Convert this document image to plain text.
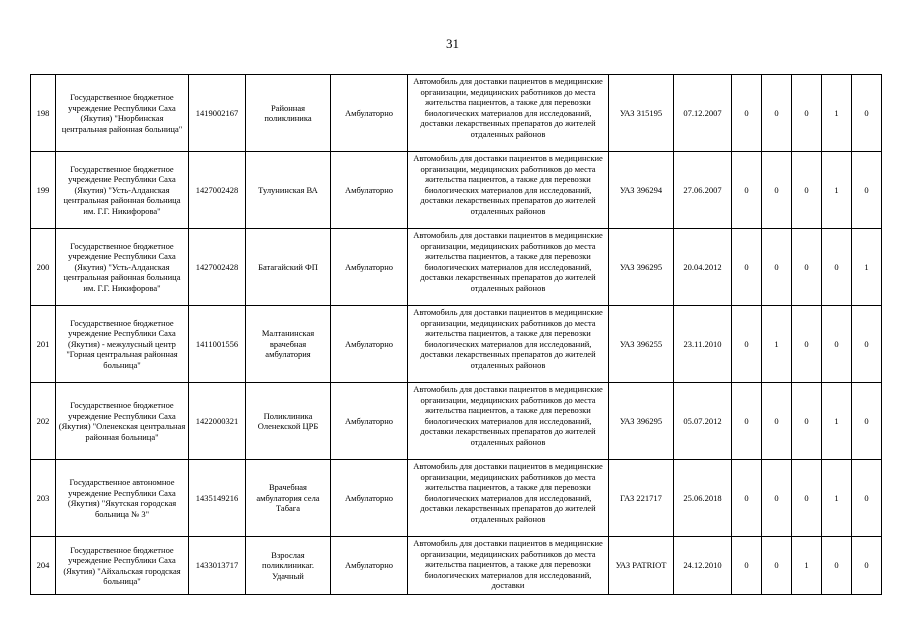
31
198	Государственное бюджетное учреждение Республики Саха (Якутия) "Нюрбинская центральная районная больница"	1419002167	Районная поликлиника	Амбулаторно	Автомобиль для доставки пациентов в медицинские организации, медицинских работников до места жительства пациентов, а также для перевозки биологических материалов для исследований, доставки лекарственных препаратов до жителей отдаленных районов	УАЗ 315195	07.12.2007	0	0	0	1	0
199	Государственное бюджетное учреждение Республики Саха (Якутия) "Усть-Алданская центральная районная больница им. Г.Г. Никифорова"	1427002428	Тулунинская ВА	Амбулаторно	Автомобиль для доставки пациентов в медицинские организации, медицинских работников до места жительства пациентов, а также для перевозки биологических материалов для исследований, доставки лекарственных препаратов до жителей отдаленных районов	УАЗ 396294	27.06.2007	0	0	0	1	0
200	Государственное бюджетное учреждение Республики Саха (Якутия) "Усть-Алданская центральная районная больница им. Г.Г. Никифорова"	1427002428	Батагайский ФП	Амбулаторно	Автомобиль для доставки пациентов в медицинские организации, медицинских работников до места жительства пациентов, а также для перевозки биологических материалов для исследований, доставки лекарственных препаратов до жителей отдаленных районов	УАЗ 396295	20.04.2012	0	0	0	0	1
201	Государственное бюджетное учреждение Республики Саха (Якутия) - межулусный центр "Горная центральная районная больница"	1411001556	Малтанинская врачебная амбулатория	Амбулаторно	Автомобиль для доставки пациентов в медицинские организации, медицинских работников до места жительства пациентов, а также для перевозки биологических материалов для исследований, доставки лекарственных препаратов до жителей отдаленных районов	УАЗ 396255	23.11.2010	0	1	0	0	0
202	Государственное бюджетное учреждение Республики Саха (Якутия) "Оленекская центральная районная больница"	1422000321	Поликлиника Оленекской ЦРБ	Амбулаторно	Автомобиль для доставки пациентов в медицинские организации, медицинских работников до места жительства пациентов, а также для перевозки биологических материалов для исследований, доставки лекарственных препаратов до жителей отдаленных районов	УАЗ 396295	05.07.2012	0	0	0	1	0
203	Государственное автономное учреждение Республики Саха (Якутия) "Якутская городская больница № 3"	1435149216	Врачебная амбулатория села Табага	Амбулаторно	Автомобиль для доставки пациентов в медицинские организации, медицинских работников до места жительства пациентов, а также для перевозки биологических материалов для исследований, доставки лекарственных препаратов до жителей отдаленных районов	ГАЗ 221717	25.06.2018	0	0	0	1	0
204	Государственное бюджетное учреждение Республики Саха (Якутия) "Айхальская городская больница"	1433013717	Взрослая поликлиникаг. Удачный	Амбулаторно	Автомобиль для доставки пациентов в медицинские организации, медицинских работников до места жительства пациентов, а также для перевозки биологических материалов для исследований, доставки	УАЗ PATRIOT	24.12.2010	0	0	1	0	0
